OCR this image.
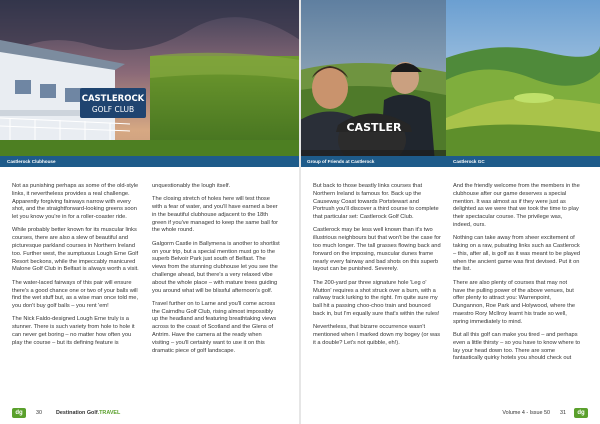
CASTLEROCK
GOLF CLUB
CASTLER
Castlerock Clubhouse	Group of Friends at Castlerock	Castlerock GC

Not as punishing perhaps as some of the old-style links, it nevertheless provides a real challenge. Apparently forgiving fairways narrow with every shot, and the straightforward-looking greens soon let you know you're in for a roller-coaster ride.

While probably better known for its muscular links courses, there are also a slew of beautiful and picturesque parkland courses in Northern Ireland too. Further west, the sumptuous Lough Erne Golf Resort beckons, while the impeccably manicured Malone Golf Club in Belfast is always worth a visit.

The water-laced fairways of this pair will ensure there's a good chance one or two of your balls will find the wet stuff but, as a wise man once told me, you don't buy golf balls – you rent 'em!

The Nick Faldo-designed Lough Erne truly is a stunner. There is such variety from hole to hole it can never get boring – no matter how often you play the course – but its defining feature is

unquestionably the lough itself.

The closing stretch of holes here will test those with a fear of water, and you'll have earned a beer in the beautiful clubhouse adjacent to the 18th green if you've managed to keep the same ball for the whole round.

Galgorm Castle in Ballymena is another to shortlist on your trip, but a special mention must go to the superb Belvoir Park just south of Belfast. The views from the stunning clubhouse let you see the challenge ahead, but there's a very relaxed vibe about the whole place – with mature trees guiding you around what will be blissful afternoon's golf.

Travel further on to Larne and you'll come across the Cairndhu Golf Club, rising almost impossibly up the headland and featuring breathtaking views across to the coast of Scotland and the Glens of Antrim. Have the camera at the ready when visiting – you'll certainly want to use it on this dramatic piece of golf landscape.

But back to those beastly links courses that Northern Ireland is famous for. Back up the Causeway Coast towards Portstewart and Portrush you'll discover a third course to complete that particular set: Castlerock Golf Club.

Castlerock may be less well known than it's two illustrious neighbours but that won't be the case for too much longer. The tall grasses flowing back and forward on the imposing, muscular dunes frame nearly every fairway and bad shots on this superb layout can be punished. Severely.

The 200-yard par three signature hole 'Leg o' Mutton' requires a shot struck over a burn, with a railway track lurking to the right. I'm quite sure my ball hit a passing choo-choo train and bounced back in, but I'm equally sure that's within the rules!

Nevertheless, that bizarre occurrence wasn't mentioned when I marked down my bogey (or was it a double? Let's not quibble, eh!).

And the friendly welcome from the members in the clubhouse after our game deserves a special mention. It was almost as if they were just as delighted as we were that we took the time to play their spectacular course. The privilege was, indeed, ours.

Nothing can take away from sheer excitement of taking on a raw, pulsating links such as Castlerock – this, after all, is golf as it was meant to be played when the ancient game was first devised. Put it on the list.

There are also plenty of courses that may not have the pulling power of the above venues, but offer plenty to attract you: Warrenpoint, Dungannon, Roe Park and Holywood, where the maestro Rory McIlroy learnt his trade so well, spring immediately to mind.

But all this golf can make you tired – and perhaps even a little thirsty – so you have to know where to lay your head down too. There are some fantastically quirky hotels you should check out

dg	30	Destination Golf.TRAVEL	Volume 4 - Issue 50 31	dg
